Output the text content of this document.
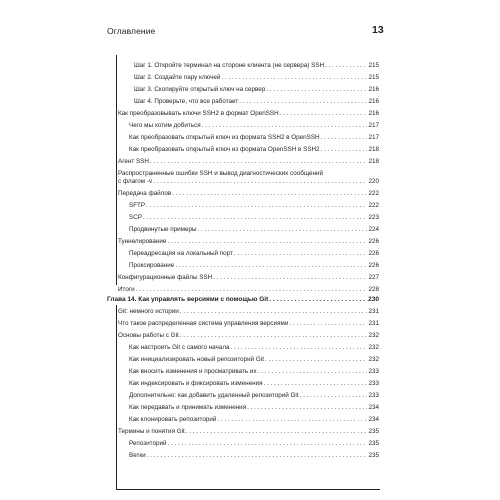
Оглавление	13
Шаг 1. Откройте терминал на стороне клиента (не сервера) SSH . . .	215
Шаг 2. Создайте пару ключей . . .	215
Шаг 3. Скопируйте открытый ключ на сервер . . .	216
Шаг 4. Проверьте, что все работает . . .	216
Как преобразовывать ключи SSH2 в формат OpenSSH . . .	216
Чего мы хотим добиться . . .	217
Как преобразовать открытый ключ из формата SSH2 в OpenSSH . . .	217
Как преобразовать открытый ключ из формата OpenSSH в SSH2 . . .	218
Агент SSH . . .	218
Распространенные ошибки SSH и вывод диагностических сообщений
с флагом -v . . .	220
Передача файлов . . .	222
SFTP . . .	222
SCP . . .	223
Продвинутые примеры . . .	224
Туннелирование . . .	226
Переадресация на локальный порт . . .	226
Проксирование . . .	226
Конфигурационные файлы SSH . . .	227
Итоги . . .	228
Глава 14. Как управлять версиями с помощью Git . . .	230
Git: немного истории . . .	231
Что такое распределенная система управления версиями . . .	231
Основы работы с Git . . .	232
Как настроить Git с самого начала . . .	232
Как инициализировать новый репозиторий Git . . .	232
Как вносить изменения и просматривать их . . .	233
Как индексировать и фиксировать изменения . . .	233
Дополнительно: как добавить удаленный репозиторий Git . . .	233
Как передавать и принимать изменения . . .	234
Как клонировать репозиторий . . .	234
Термины и понятия Git . . .	235
Репозиторий . . .	235
Ветки . . .	235
